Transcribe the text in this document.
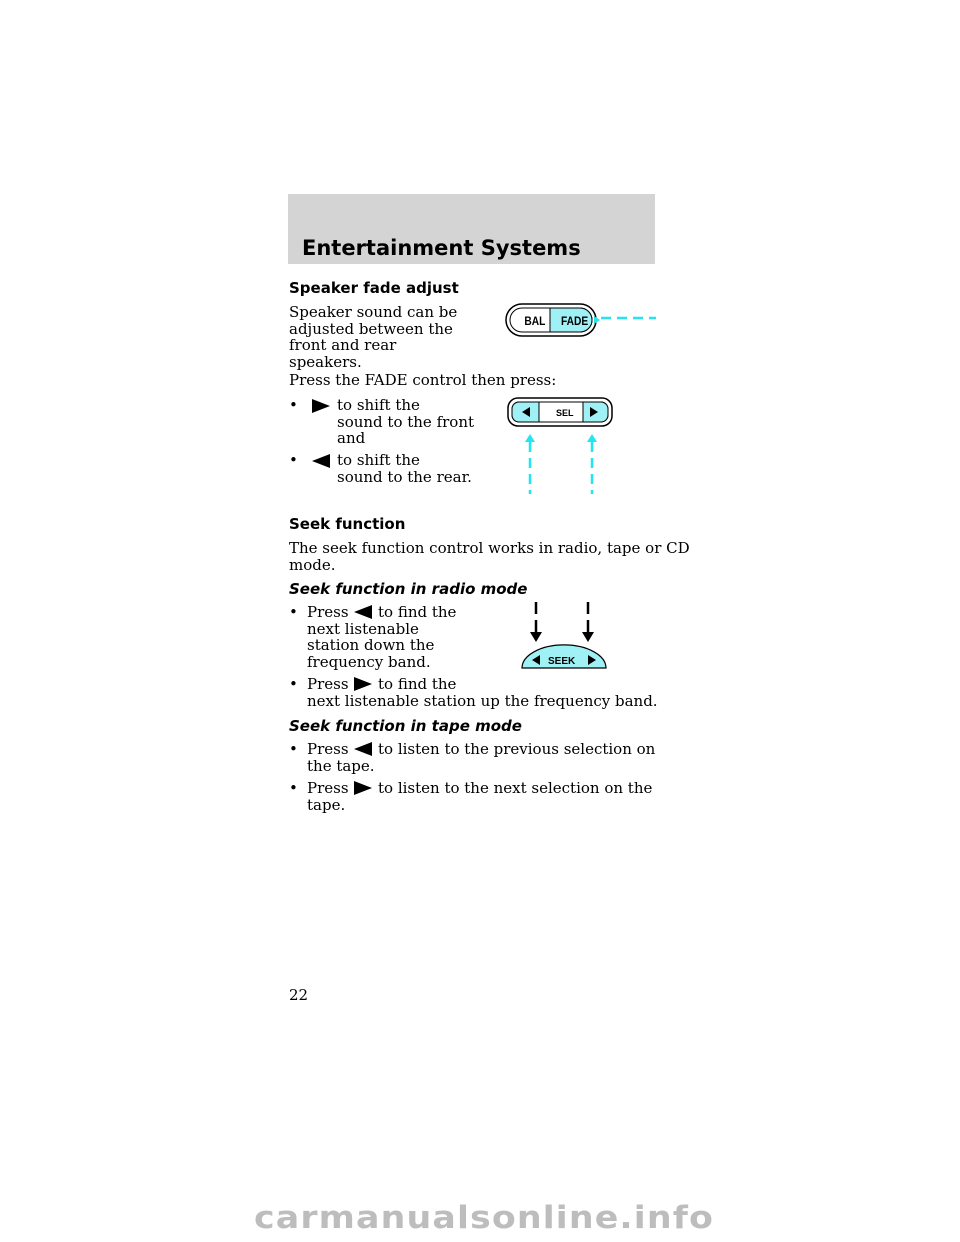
Entertainment Systems
Speaker fade adjust
Speaker sound can be
adjusted between the
front and rear
speakers.
BAL FADE
Press the FADE control then press:
•	to shift the
sound to the front
and
•	to shift the
sound to the rear.
SEL
Seek function
The seek function control works in radio, tape or CD
mode.
Seek function in radio mode
• Press to find the
next listenable
station down the
frequency band.	SEEK
• Press to find the
next listenable station up the frequency band.
Seek function in tape mode
• Press to listen to the previous selection on
the tape.
• Press to listen to the next selection on the
tape.
22
carmanualsonline.info
